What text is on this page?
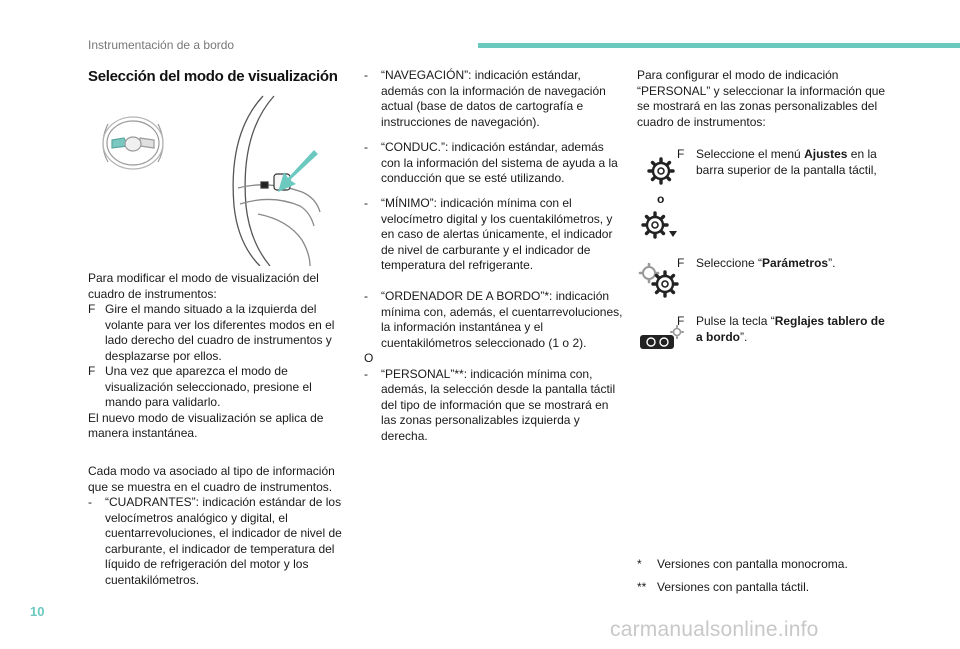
Instrumentación de a bordo
Selección del modo de visualización

Para modificar el modo de visualización del cuadro de instrumentos:

F Gire el mando situado a la izquierda del volante para ver los diferentes modos en el lado derecho del cuadro de instrumentos y desplazarse por ellos.
F Una vez que aparezca el modo de visualización seleccionado, presione el mando para validarlo.

El nuevo modo de visualización se aplica de manera instantánea.

Cada modo va asociado al tipo de información que se muestra en el cuadro de instrumentos.

-	“CUADRANTES”: indicación estándar de los velocímetros analógico y digital, el cuentarrevoluciones, el indicador de nivel de carburante, el indicador de temperatura del líquido de refrigeración del motor y los cuentakilómetros.
-	“NAVEGACIÓN”: indicación estándar, además con la información de navegación actual (base de datos de cartografía e instrucciones de navegación).
-	“CONDUC.”: indicación estándar, además con la información del sistema de ayuda a la conducción que se esté utilizando.
-	“MÍNIMO”: indicación mínima con el velocímetro digital y los cuentakilómetros, y en caso de alertas únicamente, el indicador de nivel de carburante y el indicador de temperatura del refrigerante.
-	“ORDENADOR DE A BORDO”*: indicación mínima con, además, el cuentarrevoluciones, la información instantánea y el cuentakilómetros seleccionado (1 o 2).

O

-	“PERSONAL”**: indicación mínima con, además, la selección desde la pantalla táctil del tipo de información que se mostrará en las zonas personalizables izquierda y derecha.
Para configurar el modo de indicación “PERSONAL” y seleccionar la información que se mostrará en las zonas personalizables del cuadro de instrumentos:
o
F Seleccione el menú Ajustes en la barra superior de la pantalla táctil,
F Seleccione “Parámetros”.
F Pulse la tecla “Reglajes tablero de a bordo”.
*	Versiones con pantalla monocroma.
** Versiones con pantalla táctil.
10
carmanualsonline.info
